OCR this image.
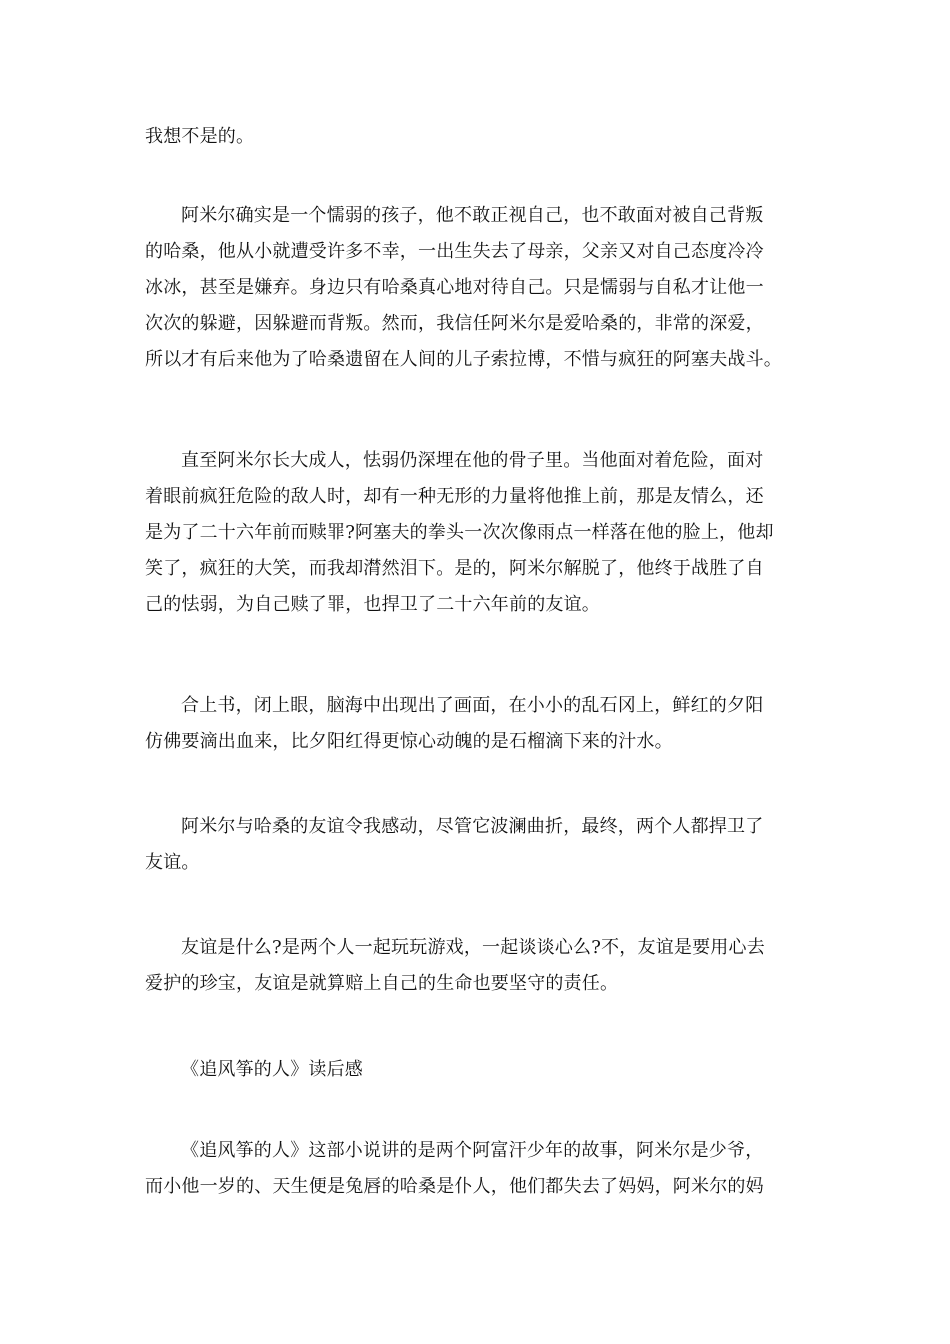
我想不是的。
阿米尔确实是一个懦弱的孩子，他不敢正视自己，也不敢面对被自己背叛
的哈桑，他从小就遭受许多不幸，一出生失去了母亲，父亲又对自己态度冷冷
冰冰，甚至是嫌弃。身边只有哈桑真心地对待自己。只是懦弱与自私才让他一
次次的躲避，因躲避而背叛。然而，我信任阿米尔是爱哈桑的，非常的深爱，
所以才有后来他为了哈桑遗留在人间的儿子索拉博，不惜与疯狂的阿塞夫战斗。
直至阿米尔长大成人，怯弱仍深埋在他的骨子里。当他面对着危险，面对
着眼前疯狂危险的敌人时，却有一种无形的力量将他推上前，那是友情么，还
是为了二十六年前而赎罪?阿塞夫的拳头一次次像雨点一样落在他的脸上，他却
笑了，疯狂的大笑，而我却潸然泪下。是的，阿米尔解脱了，他终于战胜了自
己的怯弱，为自己赎了罪，也捍卫了二十六年前的友谊。
合上书，闭上眼，脑海中出现出了画面，在小小的乱石冈上，鲜红的夕阳
仿佛要滴出血来，比夕阳红得更惊心动魄的是石榴滴下来的汁水。
阿米尔与哈桑的友谊令我感动，尽管它波澜曲折，最终，两个人都捍卫了
友谊。
友谊是什么?是两个人一起玩玩游戏，一起谈谈心么?不，友谊是要用心去
爱护的珍宝，友谊是就算赔上自己的生命也要坚守的责任。
《追风筝的人》读后感
《追风筝的人》这部小说讲的是两个阿富汗少年的故事，阿米尔是少爷，
而小他一岁的、天生便是兔唇的哈桑是仆人，他们都失去了妈妈，阿米尔的妈
